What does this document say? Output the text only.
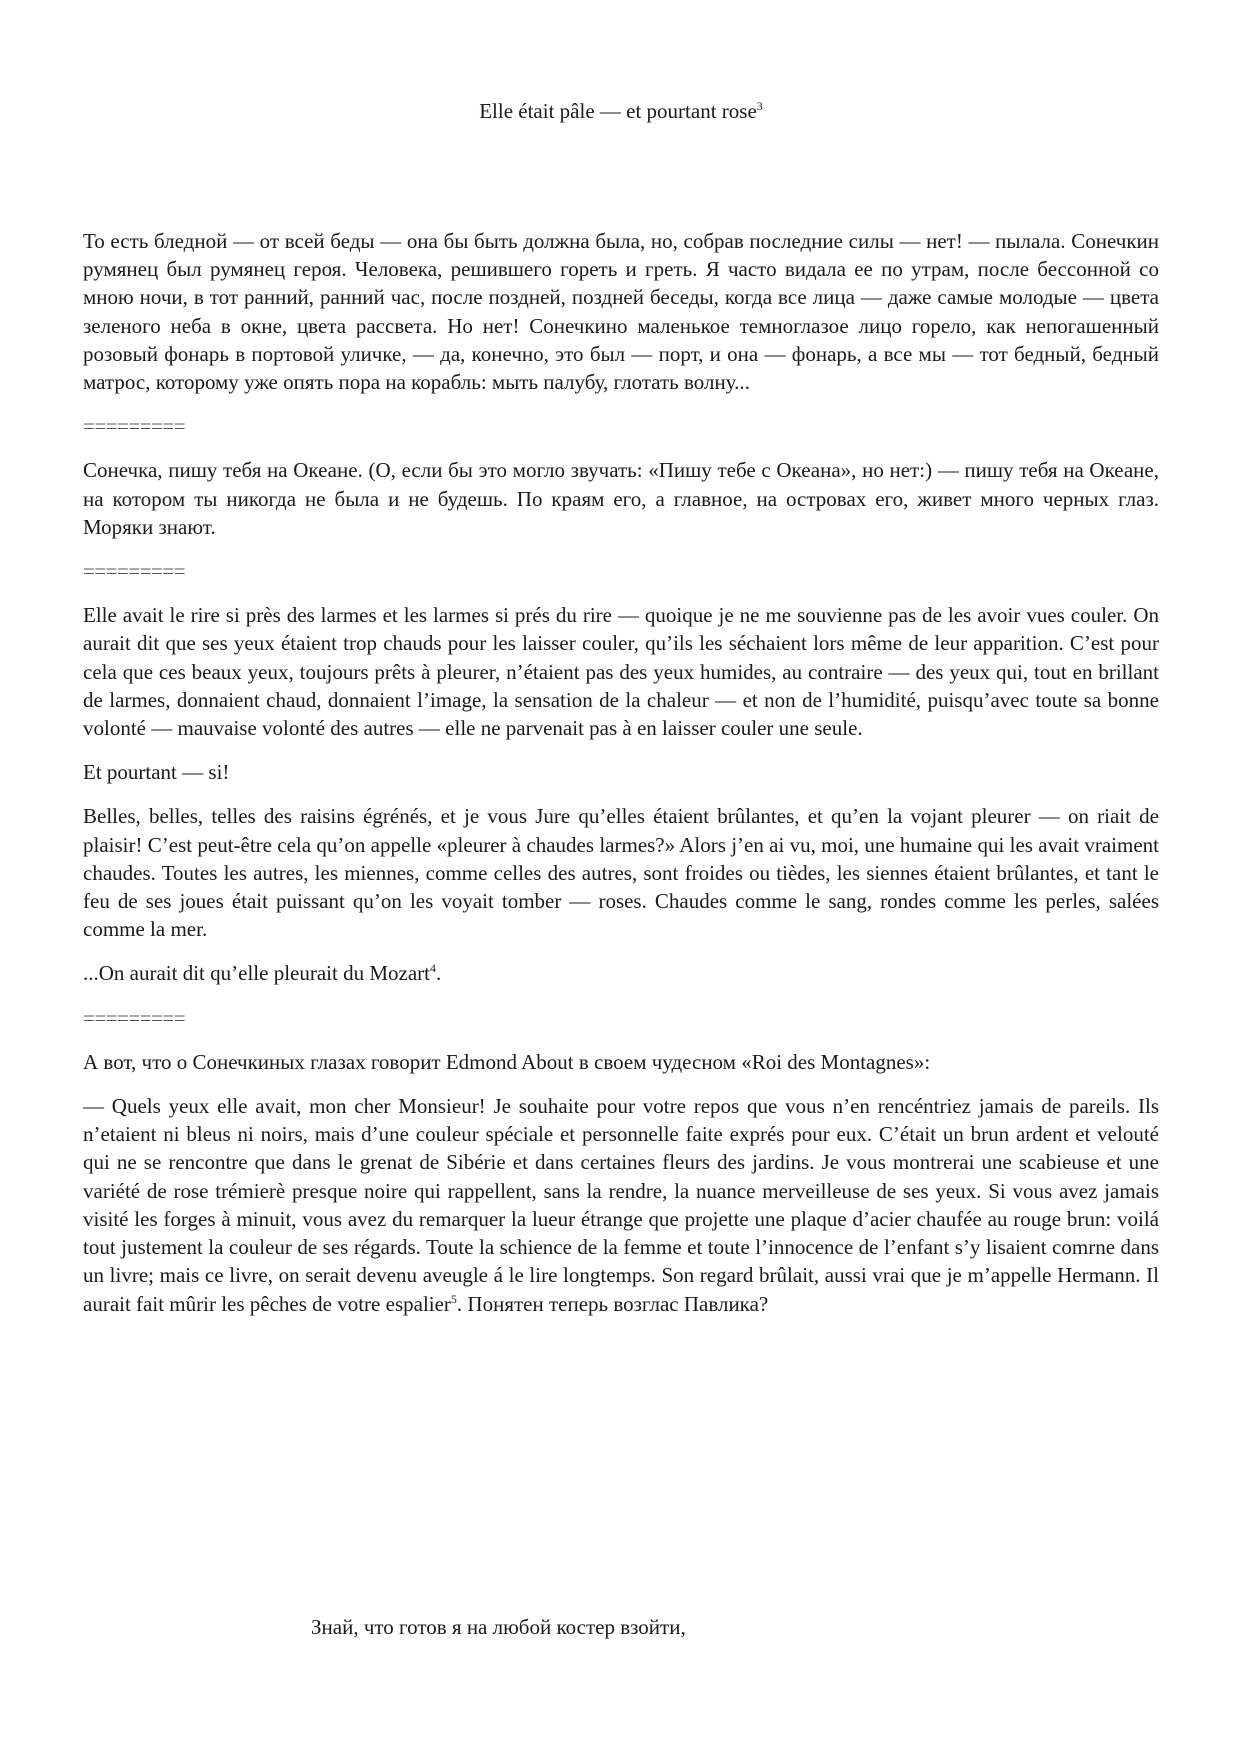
Elle était pâle — et pourtant rose$^3$

То есть бледной — от всей беды — она бы быть должна была, но, собрав последние силы — нет! — пылала. Сонечкин румянец был румянец героя. Человека, решившего гореть и греть. Я часто видала ее по утрам, после бессонной со мною ночи, в тот ранний, ранний час, после поздней, поздней беседы, когда все лица — даже самые молодые — цвета зеленого неба в окне, цвета рассвета. Но нет! Сонечкино маленькое темноглазое лицо горело, как непогашенный розовый фонарь в портовой уличке, — да, конечно, это был — порт, и она — фонарь, а все мы — тот бедный, бедный матрос, которому уже опять пора на корабль: мыть палубу, глотать волну...

=========

Сонечка, пишу тебя на Океане. (О, если бы это могло звучать: «Пишу тебе с Океана», но нет:) — пишу тебя на Океане, на котором ты никогда не была и не будешь. По краям его, а главное, на островах его, живет много черных глаз. Моряки знают.

=========

Elle avait le rire si près des larmes et les larmes si prés du rire — quoique je ne me souvienne pas de les avoir vues couler. On aurait dit que ses yeux étaient trop chauds pour les laisser couler, qu’ils les séchaient lors même de leur apparition. C’est pour cela que ces beaux yeux, toujours prêts à pleurer, n’étaient pas des yeux humides, au contraire — des yeux qui, tout en brillant de larmes, donnaient chaud, donnaient l’image, la sensation de la chaleur — et non de l’humidité, puisqu’avec toute sa bonne volonté — mauvaise volonté des autres — elle ne parvenait pas à en laisser couler une seule.

Et pourtant — si!

Belles, belles, telles des raisins égrénés, et je vous Jure qu’elles étaient brûlantes, et qu’en la vojant pleurer — on riait de plaisir! C’est peut-être cela qu’on appelle «pleurer à chaudes larmes?» Alors j’en ai vu, moi, une humaine qui les avait vraiment chaudes. Toutes les autres, les miennes, comme celles des autres, sont froides ou tièdes, les siennes étaient brûlantes, et tant le feu de ses joues était puissant qu’on les voyait tomber — roses. Chaudes comme le sang, rondes comme les perles, salées comme la mer.

...On aurait dit qu’elle pleurait du Mozart$^4$.

=========

А вот, что о Сонечкиных глазах говорит Edmond About в своем чудесном «Roi des Montagnes»:

— Quels yeux elle avait, mon cher Monsieur! Je souhaite pour votre repos que vous n’en rencéntriez jamais de pareils. Ils n’etaient ni bleus ni noirs, mais d’une couleur spéciale et personnelle faite exprés pour eux. C’était un brun ardent et velouté qui ne se rencontre que dans le grenat de Sibérie et dans certaines fleurs des jardins. Je vous montrerai une scabieuse et une variété de rose trémierè presque noire qui rappellent, sans la rendre, la nuance merveilleuse de ses yeux. Si vous avez jamais visité les forges à minuit, vous avez du remarquer la lueur étrange que projette une plaque d’acier chaufée au rouge brun: voilá tout justement la couleur de ses régards. Toute la schience de la femme et toute l’innocence de l’enfant s’y lisaient comrne dans un livre; mais ce livre, on serait devenu aveugle á le lire longtemps. Son regard brûlait, aussi vrai que je m’appelle Hermann. Il aurait fait mûrir les pêches de votre espalier$^5$. Понятен теперь возглас Павлика?

Знай, что готов я на любой костер взойти,
